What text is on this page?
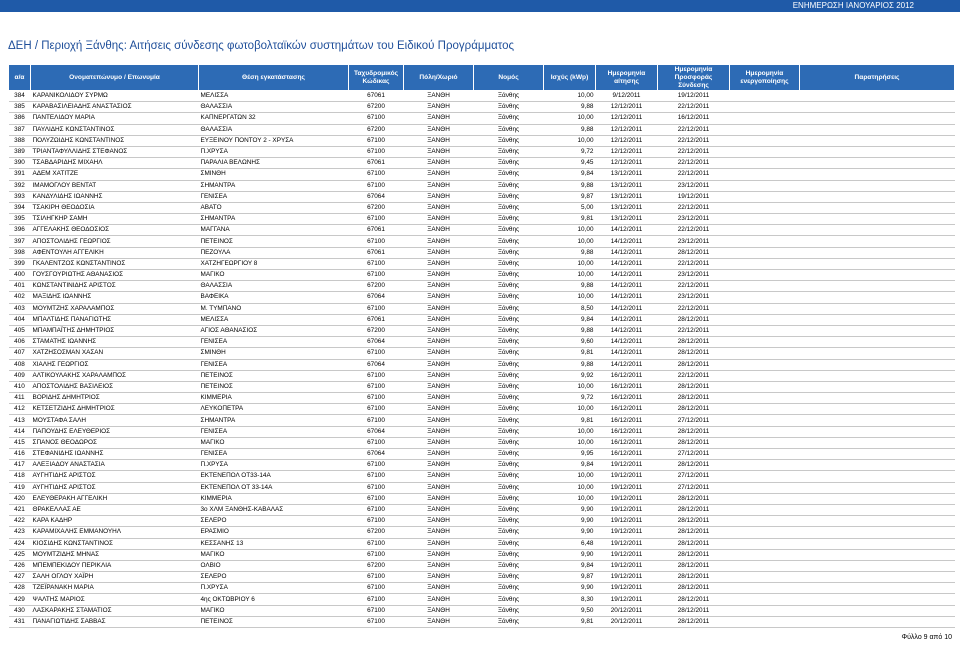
ΕΝΗΜΕΡΩΣΗ ΙΑΝΟΥΑΡΙΟΣ 2012
ΔΕΗ / Περιοχή Ξάνθης: Αιτήσεις σύνδεσης φωτοβολταϊκών συστημάτων του Ειδικού Προγράμματος
α/α	Ονοματεπώνυμο / Επωνυμία	Θέση εγκατάστασης	Ταχυδρομικός Κώδικας	Πόλη/Χωριό	Νομός	Ισχύς (kWp)	Ημερομηνία αίτησης	Ημερομηνία Προσφοράς Σύνδεσης	Ημερομηνία ενεργοποίησης	Παρατηρήσεις
384	ΚΑΡΑΝΙΚΟΛΙΔΟΥ ΣΥΡΜΩ	ΜΕΛΙΣΣΑ	67061	ΞΑΝΘΗ	Ξάνθης	10,00	9/12/2011	19/12/2011		
385	ΚΑΡΑΒΑΣΙΛΕΙΑΔΗΣ ΑΝΑΣΤΑΣΙΟΣ	ΘΑΛΑΣΣΙΑ	67200	ΞΑΝΘΗ	Ξάνθης	9,88	12/12/2011	22/12/2011		
386	ΠΑΝΤΕΛΙΔΟΥ ΜΑΡΙΑ	ΚΑΠΝΕΡΓΑΤΩΝ 32	67100	ΞΑΝΘΗ	Ξάνθης	10,00	12/12/2011	16/12/2011		
387	ΠΑΥΛΙΔΗΣ ΚΩΝΣΤΑΝΤΙΝΟΣ	ΘΑΛΑΣΣΙΑ	67200	ΞΑΝΘΗ	Ξάνθης	9,88	12/12/2011	22/12/2011		
388	ΠΟΛΥΖΩΙΔΗΣ ΚΩΝΣΤΑΝΤΙΝΟΣ	ΕΥΞΕΙΝΟΥ ΠΟΝΤΟΥ 2 - ΧΡΥΣΑ	67100	ΞΑΝΘΗ	Ξάνθης	10,00	12/12/2011	22/12/2011		
389	ΤΡΙΑΝΤΑΦΥΛΛΙΔΗΣ ΣΤΕΦΑΝΟΣ	Π.ΧΡΥΣΑ	67100	ΞΑΝΘΗ	Ξάνθης	9,72	12/12/2011	22/12/2011		
390	ΤΣΑΒΔΑΡΙΔΗΣ ΜΙΧΑΗΛ	ΠΑΡΑΛΙΑ ΒΕΛΩΝΗΣ	67061	ΞΑΝΘΗ	Ξάνθης	9,45	12/12/2011	22/12/2011		
391	ΑΔΕΜ ΧΑΤΙΤΖΕ	ΣΜΙΝΘΗ	67100	ΞΑΝΘΗ	Ξάνθης	9,84	13/12/2011	22/12/2011		
392	ΙΜΑΜΟΓΛΟΥ ΒΕΝΤΑΤ	ΣΗΜΑΝΤΡΑ	67100	ΞΑΝΘΗ	Ξάνθης	9,88	13/12/2011	23/12/2011		
393	ΚΑΝΔΥΛΙΔΗΣ ΙΩΑΝΝΗΣ	ΓΕΝΙΣΕΑ	67064	ΞΑΝΘΗ	Ξάνθης	9,87	13/12/2011	19/12/2011		
394	ΤΣΑΚΙΡΗ ΘΕΟΔΟΣΙΑ	ΑΒΑΤΟ	67200	ΞΑΝΘΗ	Ξάνθης	5,00	13/12/2011	22/12/2011		
395	ΤΣΙΛΗΓΚΗΡ ΣΑΜΗ	ΣΗΜΑΝΤΡΑ	67100	ΞΑΝΘΗ	Ξάνθης	9,81	13/12/2011	23/12/2011		
396	ΑΓΓΕΛΑΚΗΣ ΘΕΟΔΟΣΙΟΣ	ΜΑΓΓΑΝΑ	67061	ΞΑΝΘΗ	Ξάνθης	10,00	14/12/2011	22/12/2011		
397	ΑΠΟΣΤΟΛΙΔΗΣ ΓΕΩΡΓΙΟΣ	ΠΕΤΕΙΝΟΣ	67100	ΞΑΝΘΗ	Ξάνθης	10,00	14/12/2011	23/12/2011		
398	ΑΦΕΝΤΟΥΛΗ ΑΓΓΕΛΙΚΗ	ΠΕΖΟΥΛΑ	67061	ΞΑΝΘΗ	Ξάνθης	9,88	14/12/2011	28/12/2011		
399	ΓΚΑΛΕΝΤΖΟΣ ΚΩΝΣΤΑΝΤΙΝΟΣ	ΧΑΤΖΗΓΕΩΡΓΙΟΥ 8	67100	ΞΑΝΘΗ	Ξάνθης	10,00	14/12/2011	22/12/2011		
400	ΓΟΥΣΓΟΥΡΙΩΤΗΣ ΑΘΑΝΑΣΙΟΣ	ΜΑΓΙΚΟ	67100	ΞΑΝΘΗ	Ξάνθης	10,00	14/12/2011	23/12/2011		
401	ΚΩΝΣΤΑΝΤΙΝΙΔΗΣ ΑΡΙΣΤΟΣ	ΘΑΛΑΣΣΙΑ	67200	ΞΑΝΘΗ	Ξάνθης	9,88	14/12/2011	22/12/2011		
402	ΜΑΞΙΔΗΣ ΙΩΑΝΝΗΣ	ΒΑΦΕΙΚΑ	67064	ΞΑΝΘΗ	Ξάνθης	10,00	14/12/2011	23/12/2011		
403	ΜΟΥΜΤΖΗΣ ΧΑΡΑΛΑΜΠΟΣ	Μ. ΤΥΜΠΑΝΟ	67100	ΞΑΝΘΗ	Ξάνθης	8,50	14/12/2011	22/12/2011		
404	ΜΠΑΛΤΙΔΗΣ ΠΑΝΑΓΙΩΤΗΣ	ΜΕΛΙΣΣΑ	67061	ΞΑΝΘΗ	Ξάνθης	9,84	14/12/2011	28/12/2011		
405	ΜΠΑΜΠΑΪΤΗΣ ΔΗΜΗΤΡΙΟΣ	ΑΓΙΟΣ ΑΘΑΝΑΣΙΟΣ	67200	ΞΑΝΘΗ	Ξάνθης	9,88	14/12/2011	22/12/2011		
406	ΣΤΑΜΑΤΗΣ ΙΩΑΝΝΗΣ	ΓΕΝΙΣΕΑ	67064	ΞΑΝΘΗ	Ξάνθης	9,60	14/12/2011	28/12/2011		
407	ΧΑΤΖΗΣΟΣΜΑΝ ΧΑΣΑΝ	ΣΜΙΝΘΗ	67100	ΞΑΝΘΗ	Ξάνθης	9,81	14/12/2011	28/12/2011		
408	ΧΙΑΛΗΣ ΓΕΩΡΓΙΟΣ	ΓΕΝΙΣΕΑ	67064	ΞΑΝΘΗ	Ξάνθης	9,88	14/12/2011	28/12/2011		
409	ΑΛΤΙΚΟΥΛΑΚΗΣ ΧΑΡΑΛΑΜΠΟΣ	ΠΕΤΕΙΝΟΣ	67100	ΞΑΝΘΗ	Ξάνθης	9,92	16/12/2011	22/12/2011		
410	ΑΠΟΣΤΟΛΙΔΗΣ ΒΑΣΙΛΕΙΟΣ	ΠΕΤΕΙΝΟΣ	67100	ΞΑΝΘΗ	Ξάνθης	10,00	16/12/2011	28/12/2011		
411	ΒΟΡΙΔΗΣ ΔΗΜΗΤΡΙΟΣ	ΚΙΜΜΕΡΙΑ	67100	ΞΑΝΘΗ	Ξάνθης	9,72	16/12/2011	28/12/2011		
412	ΚΕΤΣΕΤΖΙΔΗΣ ΔΗΜΗΤΡΙΟΣ	ΛΕΥΚΟΠΕΤΡΑ	67100	ΞΑΝΘΗ	Ξάνθης	10,00	16/12/2011	28/12/2011		
413	ΜΟΥΣΤΑΦΑ ΣΑΛΗ	ΣΗΜΑΝΤΡΑ	67100	ΞΑΝΘΗ	Ξάνθης	9,81	16/12/2011	27/12/2011		
414	ΠΑΠΟΥΔΗΣ ΕΛΕΥΘΕΡΙΟΣ	ΓΕΝΙΣΕΑ	67064	ΞΑΝΘΗ	Ξάνθης	10,00	16/12/2011	28/12/2011		
415	ΣΠΑΝΟΣ ΘΕΟΔΩΡΟΣ	ΜΑΓΙΚΟ	67100	ΞΑΝΘΗ	Ξάνθης	10,00	16/12/2011	28/12/2011		
416	ΣΤΕΦΑΝΙΔΗΣ ΙΩΑΝΝΗΣ	ΓΕΝΙΣΕΑ	67064	ΞΑΝΘΗ	Ξάνθης	9,95	16/12/2011	27/12/2011		
417	ΑΛΕΞΙΑΔΟΥ ΑΝΑΣΤΑΣΙΑ	Π.ΧΡΥΣΑ	67100	ΞΑΝΘΗ	Ξάνθης	9,84	19/12/2011	28/12/2011		
418	ΑΥΓΗΤΙΔΗΣ ΑΡΙΣΤΟΣ	ΕΚΤΕΝΕΠΟΛ ΟΤ33-14Α	67100	ΞΑΝΘΗ	Ξάνθης	10,00	19/12/2011	27/12/2011		
419	ΑΥΓΗΤΙΔΗΣ ΑΡΙΣΤΟΣ	ΕΚΤΕΝΕΠΟΛ ΟΤ 33-14Α	67100	ΞΑΝΘΗ	Ξάνθης	10,00	19/12/2011	27/12/2011		
420	ΕΛΕΥΘΕΡΑΚΗ ΑΓΓΕΛΙΚΗ	ΚΙΜΜΕΡΙΑ	67100	ΞΑΝΘΗ	Ξάνθης	10,00	19/12/2011	28/12/2011		
421	ΘΡΑΚΕΛΛΑΣ ΑΕ	3ο ΧΛΜ ΞΑΝΘΗΣ-ΚΑΒΑΛΑΣ	67100	ΞΑΝΘΗ	Ξάνθης	9,90	19/12/2011	28/12/2011		
422	ΚΑΡΑ ΚΑΔΗΡ	ΣΕΛΕΡΟ	67100	ΞΑΝΘΗ	Ξάνθης	9,90	19/12/2011	28/12/2011		
423	ΚΑΡΑΜΙΧΑΛΗΣ ΕΜΜΑΝΟΥΗΛ	ΕΡΑΣΜΙΟ	67200	ΞΑΝΘΗ	Ξάνθης	9,90	19/12/2011	28/12/2011		
424	ΚΙΟΣΙΔΗΣ ΚΩΝΣΤΑΝΤΙΝΟΣ	ΚΕΣΣΑΝΗΣ 13	67100	ΞΑΝΘΗ	Ξάνθης	6,48	19/12/2011	28/12/2011		
425	ΜΟΥΜΤΖΙΔΗΣ ΜΗΝΑΣ	ΜΑΓΙΚΟ	67100	ΞΑΝΘΗ	Ξάνθης	9,90	19/12/2011	28/12/2011		
426	ΜΠΕΜΠΕΚΙΔΟΥ ΠΕΡΙΚΛΙΑ	ΟΛΒΙΟ	67200	ΞΑΝΘΗ	Ξάνθης	9,84	19/12/2011	28/12/2011		
427	ΣΑΛΗ ΟΓΛΟΥ ΧΑΪΡΗ	ΣΕΛΕΡΟ	67100	ΞΑΝΘΗ	Ξάνθης	9,87	19/12/2011	28/12/2011		
428	ΤΖΕΪΡΑΝΑΚΗ ΜΑΡΙΑ	Π.ΧΡΥΣΑ	67100	ΞΑΝΘΗ	Ξάνθης	9,90	19/12/2011	28/12/2011		
429	ΨΑΛΤΗΣ ΜΑΡΙΟΣ	4ης ΟΚΤΩΒΡΙΟΥ 6	67100	ΞΑΝΘΗ	Ξάνθης	8,30	19/12/2011	28/12/2011		
430	ΛΑΣΚΑΡΑΚΗΣ ΣΤΑΜΑΤΙΟΣ	ΜΑΓΙΚΟ	67100	ΞΑΝΘΗ	Ξάνθης	9,50	20/12/2011	28/12/2011		
431	ΠΑΝΑΓΙΩΤΙΔΗΣ ΣΑΒΒΑΣ	ΠΕΤΕΙΝΟΣ	67100	ΞΑΝΘΗ	Ξάνθης	9,81	20/12/2011	28/12/2011		
Φύλλο 9 από 10
